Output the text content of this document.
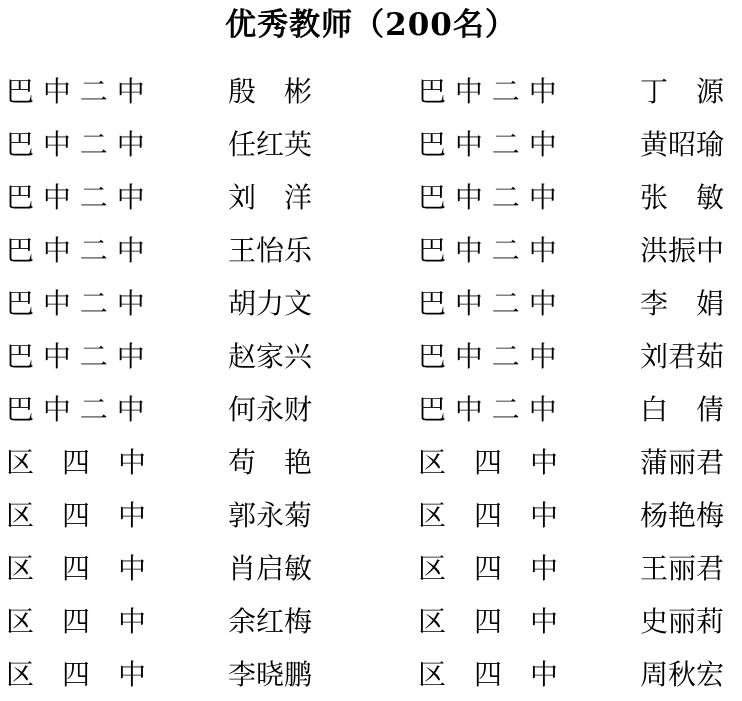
优秀教师（200名）
巴 中 二 中	殷　彬	巴 中 二 中	丁　源
巴 中 二 中	任红英	巴 中 二 中	黄昭瑜
巴 中 二 中	刘　洋	巴 中 二 中	张　敏
巴 中 二 中	王怡乐	巴 中 二 中	洪振中
巴 中 二 中	胡力文	巴 中 二 中	李　娟
巴 中 二 中	赵家兴	巴 中 二 中	刘君茹
巴 中 二 中	何永财	巴 中 二 中	白　倩
区　四　中	苟　艳	区　四　中	蒲丽君
区　四　中	郭永菊	区　四　中	杨艳梅
区　四　中	肖启敏	区　四　中	王丽君
区　四　中	余红梅	区　四　中	史丽莉
区　四　中	李晓鹏	区　四　中	周秋宏
